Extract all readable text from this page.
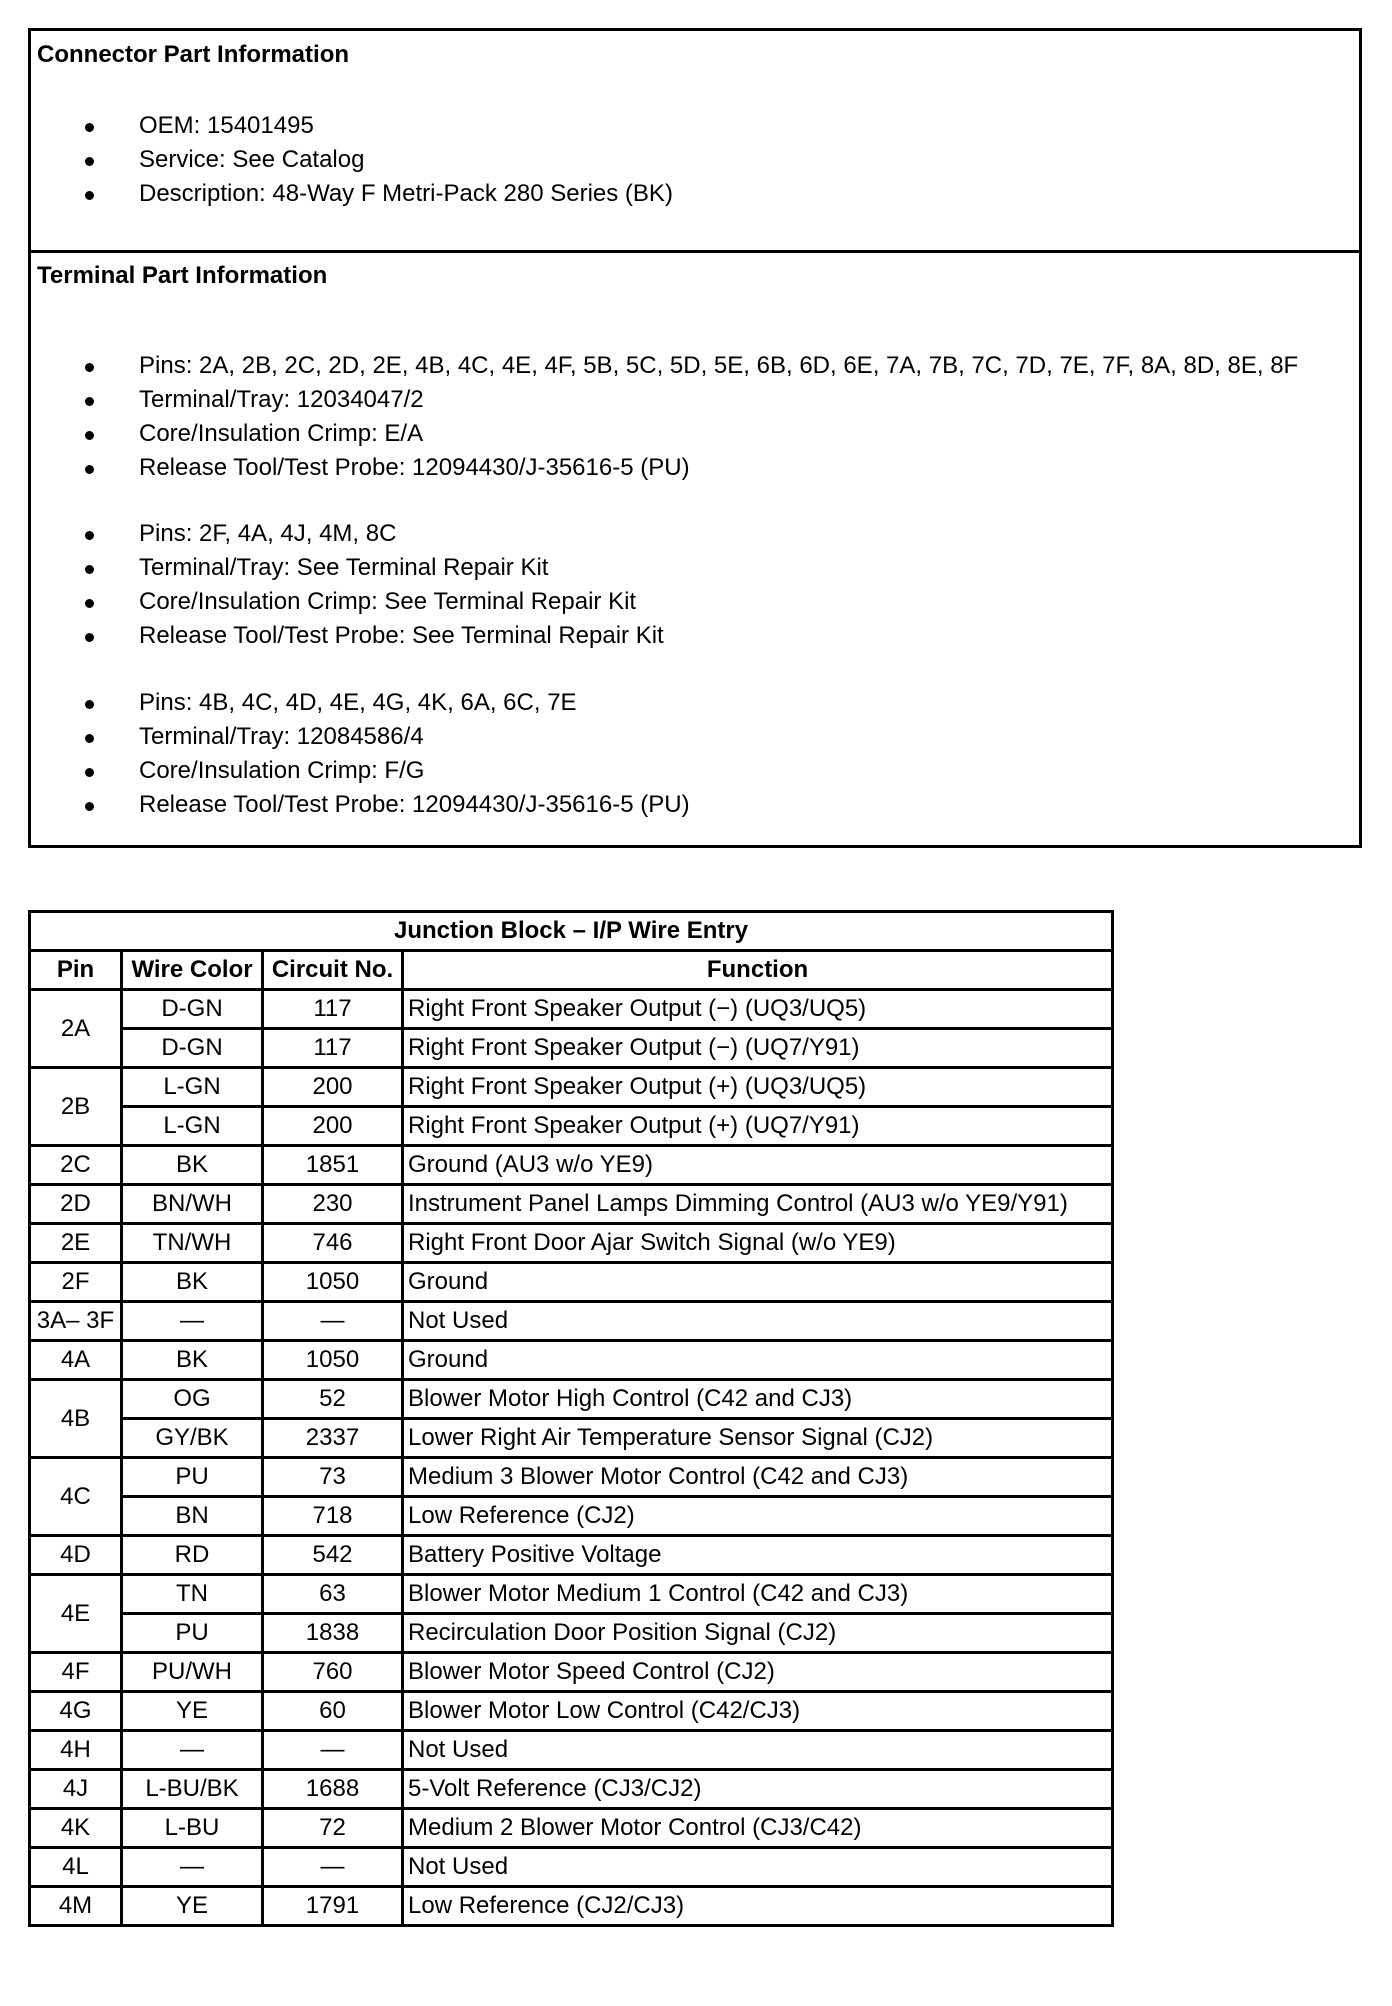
Connector Part Information
OEM: 15401495
Service: See Catalog
Description: 48-Way F Metri-Pack 280 Series (BK)
Terminal Part Information
Pins: 2A, 2B, 2C, 2D, 2E, 4B, 4C, 4E, 4F, 5B, 5C, 5D, 5E, 6B, 6D, 6E, 7A, 7B, 7C, 7D, 7E, 7F, 8A, 8D, 8E, 8F
Terminal/Tray: 12034047/2
Core/Insulation Crimp: E/A
Release Tool/Test Probe: 12094430/J-35616-5 (PU)
Pins: 2F, 4A, 4J, 4M, 8C
Terminal/Tray: See Terminal Repair Kit
Core/Insulation Crimp: See Terminal Repair Kit
Release Tool/Test Probe: See Terminal Repair Kit
Pins: 4B, 4C, 4D, 4E, 4G, 4K, 6A, 6C, 7E
Terminal/Tray: 12084586/4
Core/Insulation Crimp: F/G
Release Tool/Test Probe: 12094430/J-35616-5 (PU)
Junction Block – I/P Wire Entry			
Pin	Wire Color	Circuit No.	Function
2A	D-GN	117	Right Front Speaker Output (−) (UQ3/UQ5)
	D-GN	117	Right Front Speaker Output (−) (UQ7/Y91)
2B	L-GN	200	Right Front Speaker Output (+) (UQ3/UQ5)
	L-GN	200	Right Front Speaker Output (+) (UQ7/Y91)
2C	BK	1851	Ground (AU3 w/o YE9)
2D	BN/WH	230	Instrument Panel Lamps Dimming Control (AU3 w/o YE9/Y91)
2E	TN/WH	746	Right Front Door Ajar Switch Signal (w/o YE9)
2F	BK	1050	Ground
3A– 3F	—	—	Not Used
4A	BK	1050	Ground
4B	OG	52	Blower Motor High Control (C42 and CJ3)
	GY/BK	2337	Lower Right Air Temperature Sensor Signal (CJ2)
4C	PU	73	Medium 3 Blower Motor Control (C42 and CJ3)
	BN	718	Low Reference (CJ2)
4D	RD	542	Battery Positive Voltage
4E	TN	63	Blower Motor Medium 1 Control (C42 and CJ3)
	PU	1838	Recirculation Door Position Signal (CJ2)
4F	PU/WH	760	Blower Motor Speed Control (CJ2)
4G	YE	60	Blower Motor Low Control (C42/CJ3)
4H	—	—	Not Used
4J	L-BU/BK	1688	5-Volt Reference (CJ3/CJ2)
4K	L-BU	72	Medium 2 Blower Motor Control (CJ3/C42)
4L	—	—	Not Used
4M	YE	1791	Low Reference (CJ2/CJ3)
